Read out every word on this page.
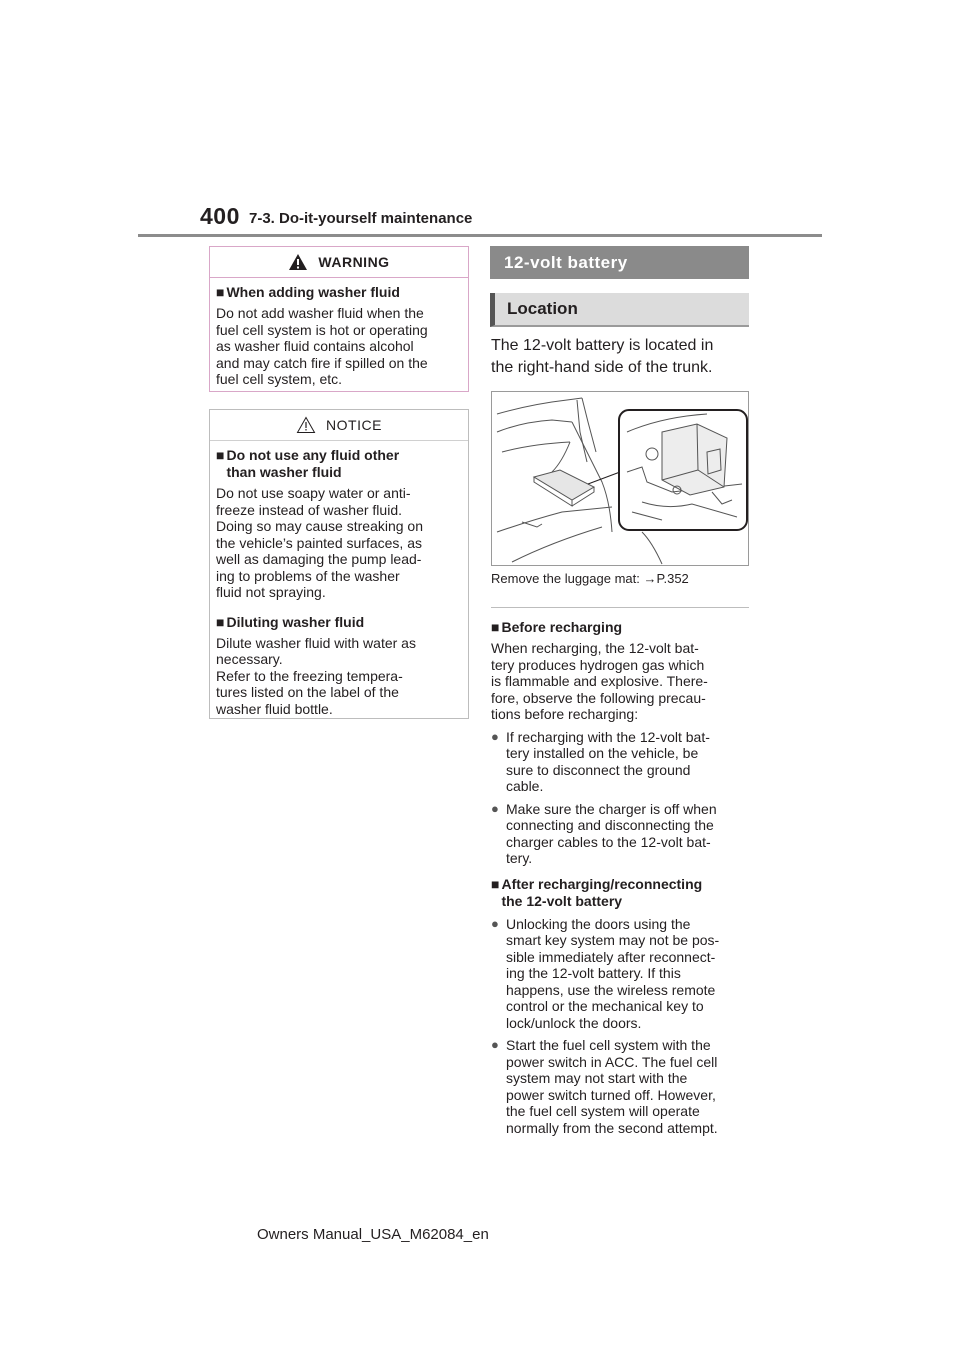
400 7-3. Do-it-yourself maintenance
WARNING
■ When adding washer fluid
Do not add washer fluid when the
fuel cell system is hot or operating
as washer fluid contains alcohol
and may catch fire if spilled on the
fuel cell system, etc.
NOTICE
■ Do not use any fluid other
than washer fluid
Do not use soapy water or anti-
freeze instead of washer fluid.
Doing so may cause streaking on
the vehicle’s painted surfaces, as
well as damaging the pump lead-
ing to problems of the washer
fluid not spraying.
■ Diluting washer fluid
Dilute washer fluid with water as
necessary.
Refer to the freezing tempera-
tures listed on the label of the
washer fluid bottle.
12-volt battery
Location
The 12-volt battery is located in
the right-hand side of the trunk.
Remove the luggage mat: →P.352
■ Before recharging
When recharging, the 12-volt bat-
tery produces hydrogen gas which
is flammable and explosive. There-
fore, observe the following precau-
tions before recharging:
● If recharging with the 12-volt bat-
tery installed on the vehicle, be
sure to disconnect the ground
cable.
● Make sure the charger is off when
connecting and disconnecting the
charger cables to the 12-volt bat-
tery.
■ After recharging/reconnecting
the 12-volt battery
● Unlocking the doors using the
smart key system may not be pos-
sible immediately after reconnect-
ing the 12-volt battery. If this
happens, use the wireless remote
control or the mechanical key to
lock/unlock the doors.
● Start the fuel cell system with the
power switch in ACC. The fuel cell
system may not start with the
power switch turned off. However,
the fuel cell system will operate
normally from the second attempt.
Owners Manual_USA_M62084_en
